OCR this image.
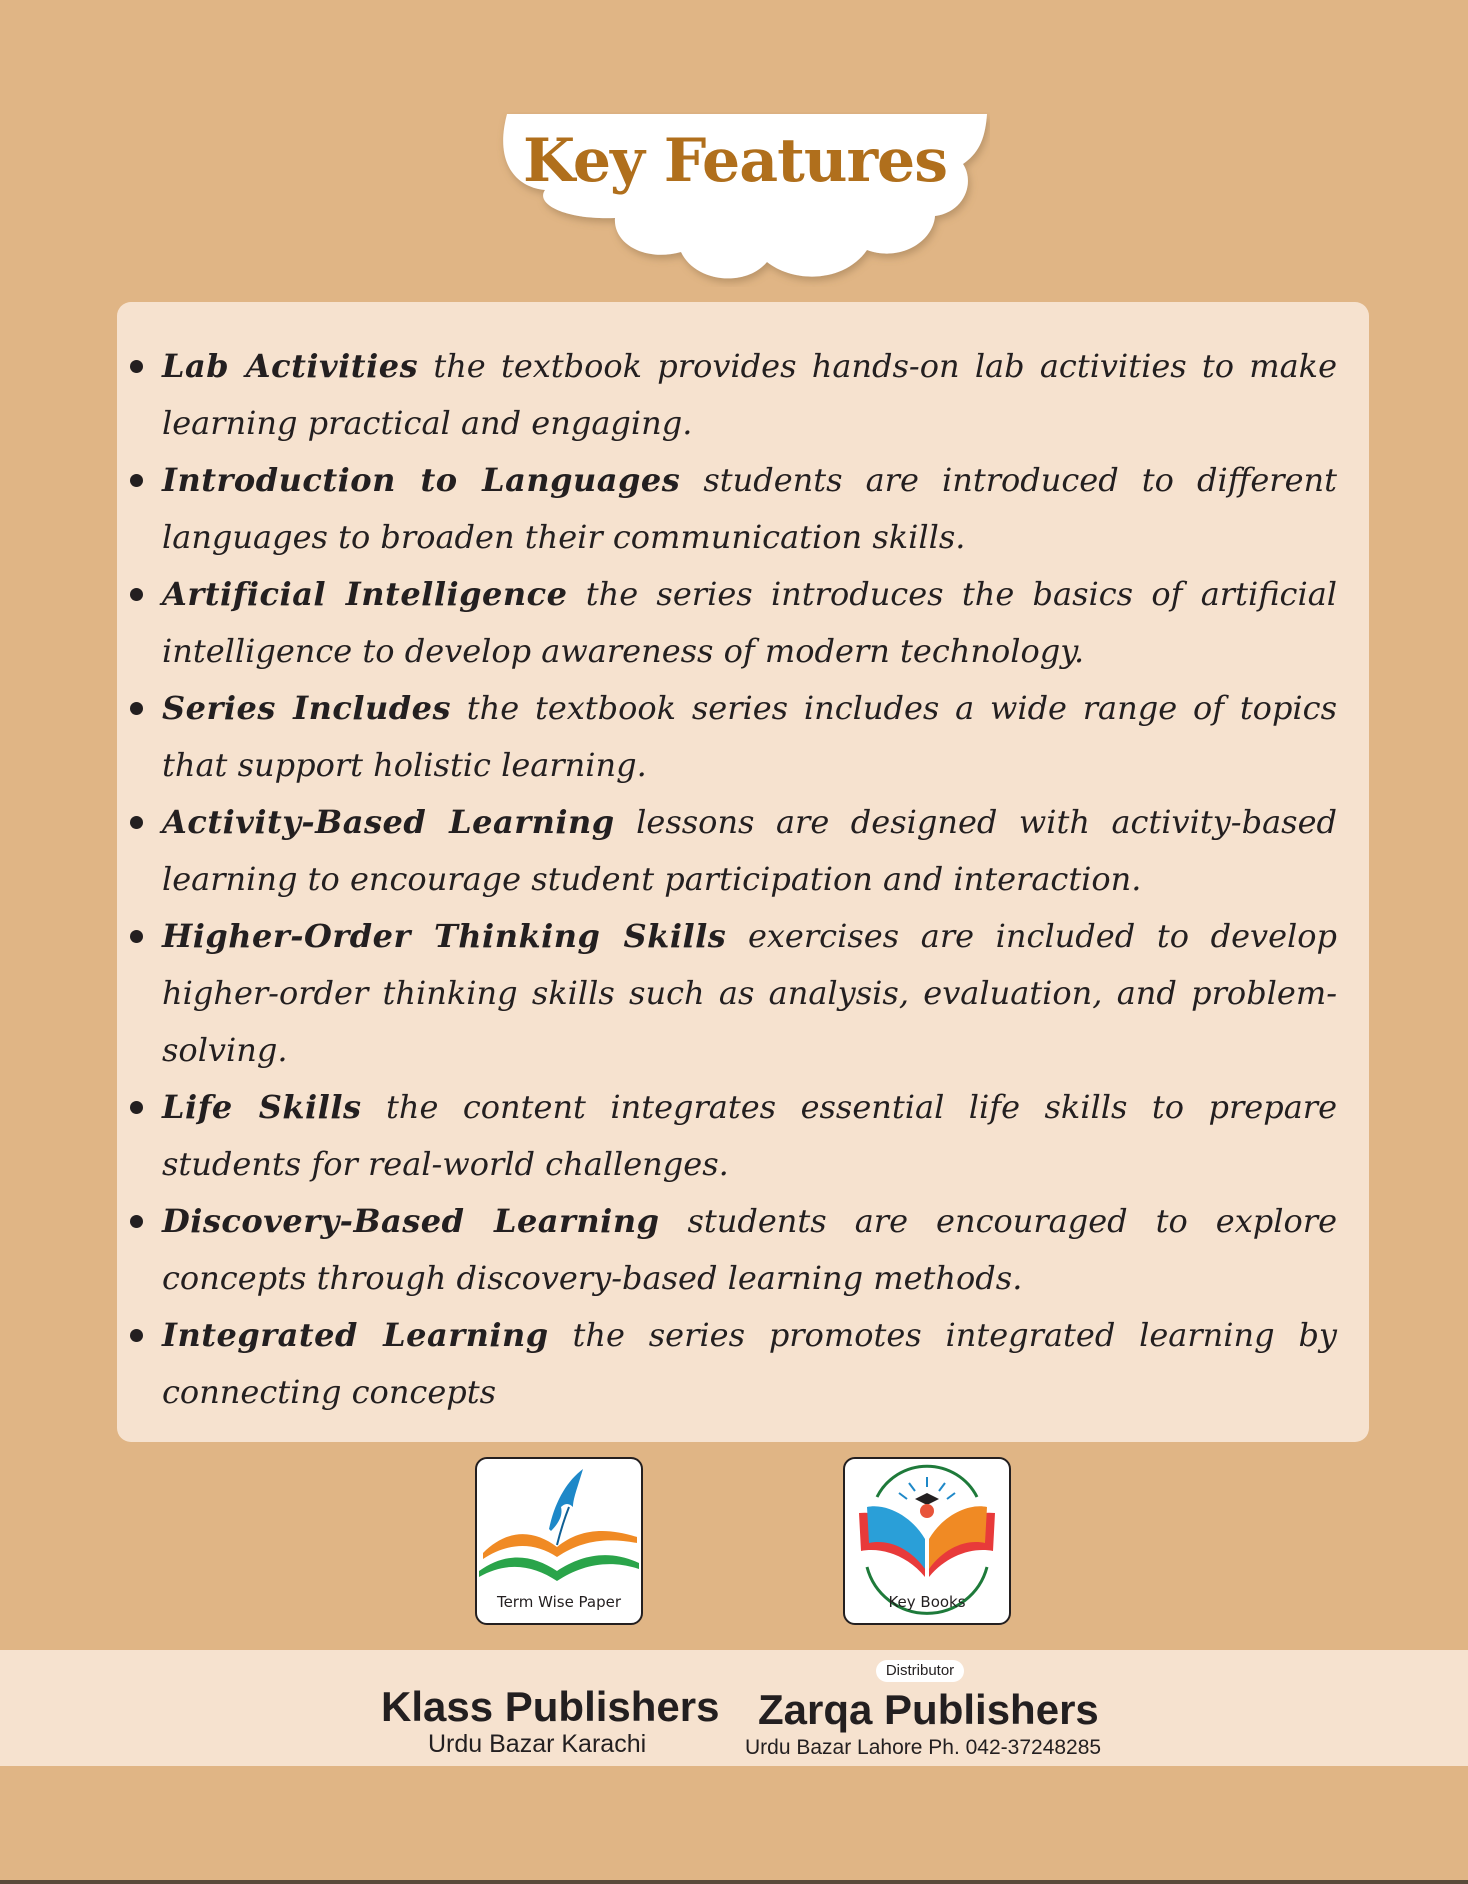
Key Features
Lab Activities the textbook provides hands-on lab activities to make learning practical and engaging.
Introduction to Languages students are introduced to different languages to broaden their communication skills.
Artificial Intelligence the series introduces the basics of artificial intelligence to develop awareness of modern technology.
Series Includes the textbook series includes a wide range of topics that support holistic learning.
Activity-Based Learning lessons are designed with activity-based learning to encourage student participation and interaction.
Higher-Order Thinking Skills exercises are included to develop higher-order thinking skills such as analysis, evaluation, and problem-solving.
Life Skills the content integrates essential life skills to prepare students for real-world challenges.
Discovery-Based Learning students are encouraged to explore concepts through discovery-based learning methods.
Integrated Learning the series promotes integrated learning by connecting concepts
Term Wise Paper	Key Books
Klass Publishers
Urdu Bazar Karachi
Distributor
Zarqa Publishers
Urdu Bazar Lahore Ph. 042-37248285
